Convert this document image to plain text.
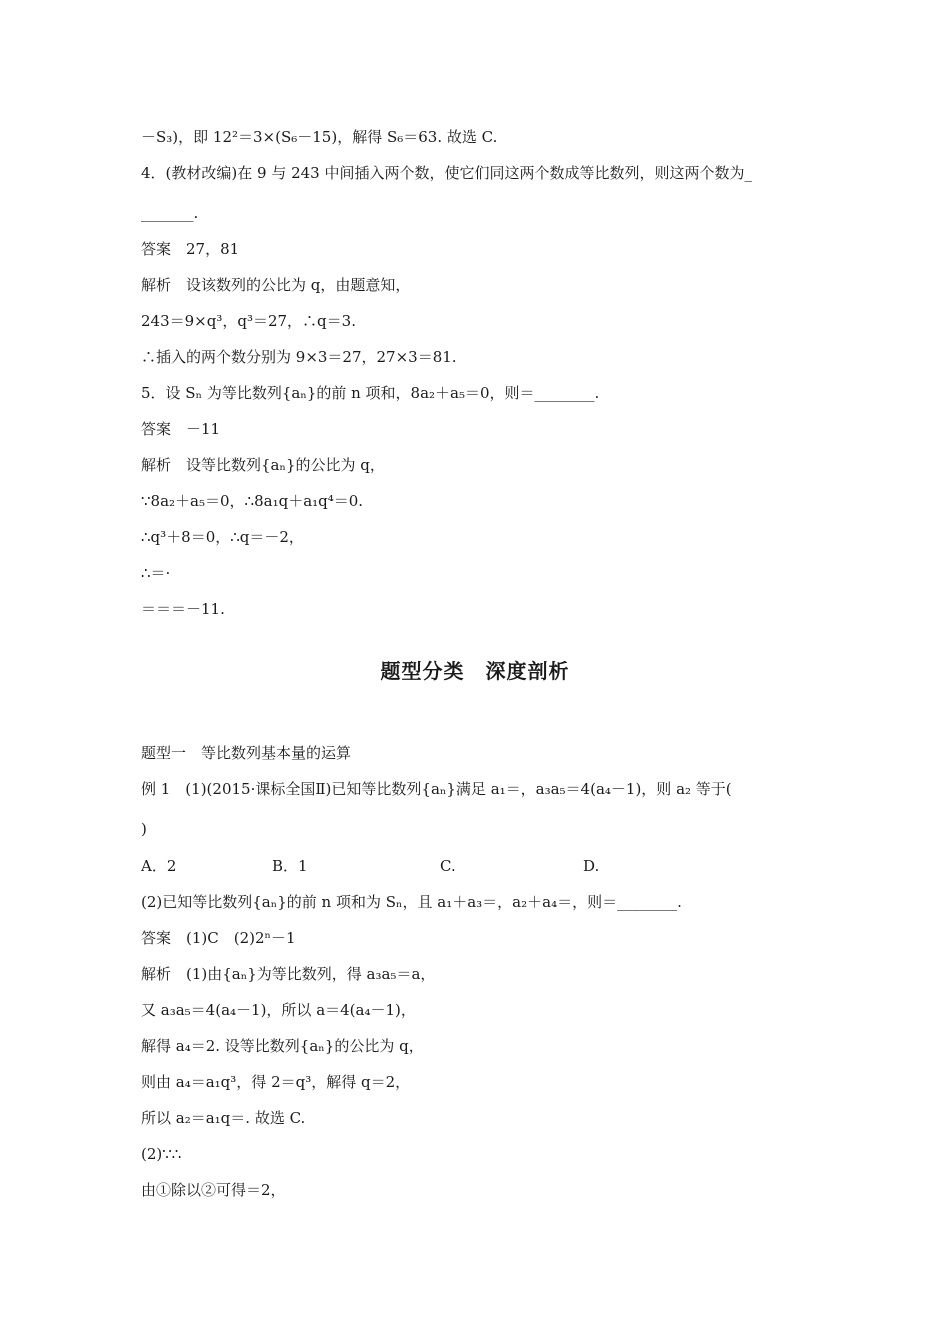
－S₃)，即 12²＝3×(S₆－15)，解得 S₆＝63. 故选 C.
4．(教材改编)在 9 与 243 中间插入两个数，使它们同这两个数成等比数列，则这两个数为_
_______.
答案　27，81
解析　设该数列的公比为 q，由题意知，
243＝9×q³，q³＝27，∴q＝3.
∴插入的两个数分别为 9×3＝27，27×3＝81.
5．设 Sₙ 为等比数列{aₙ}的前 n 项和，8a₂＋a₅＝0，则＝________.
答案　－11
解析　设等比数列{aₙ}的公比为 q，
∵8a₂＋a₅＝0，∴8a₁q＋a₁q⁴＝0.
∴q³＋8＝0，∴q＝－2，
∴＝·
＝＝＝－11.
题型分类　深度剖析
题型一　等比数列基本量的运算
例 1　(1)(2015·课标全国Ⅱ)已知等比数列{aₙ}满足 a₁＝，a₃a₅＝4(a₄－1)，则 a₂ 等于(
)
A．2	B．1	C.	D.
(2)已知等比数列{aₙ}的前 n 项和为 Sₙ，且 a₁＋a₃＝，a₂＋a₄＝，则＝________.
答案　(1)C　(2)2ⁿ－1
解析　(1)由{aₙ}为等比数列，得 a₃a₅＝a，
又 a₃a₅＝4(a₄－1)，所以 a＝4(a₄－1)，
解得 a₄＝2. 设等比数列{aₙ}的公比为 q，
则由 a₄＝a₁q³，得 2＝q³，解得 q＝2，
所以 a₂＝a₁q＝. 故选 C.
(2)∵∴
由①除以②可得＝2，
